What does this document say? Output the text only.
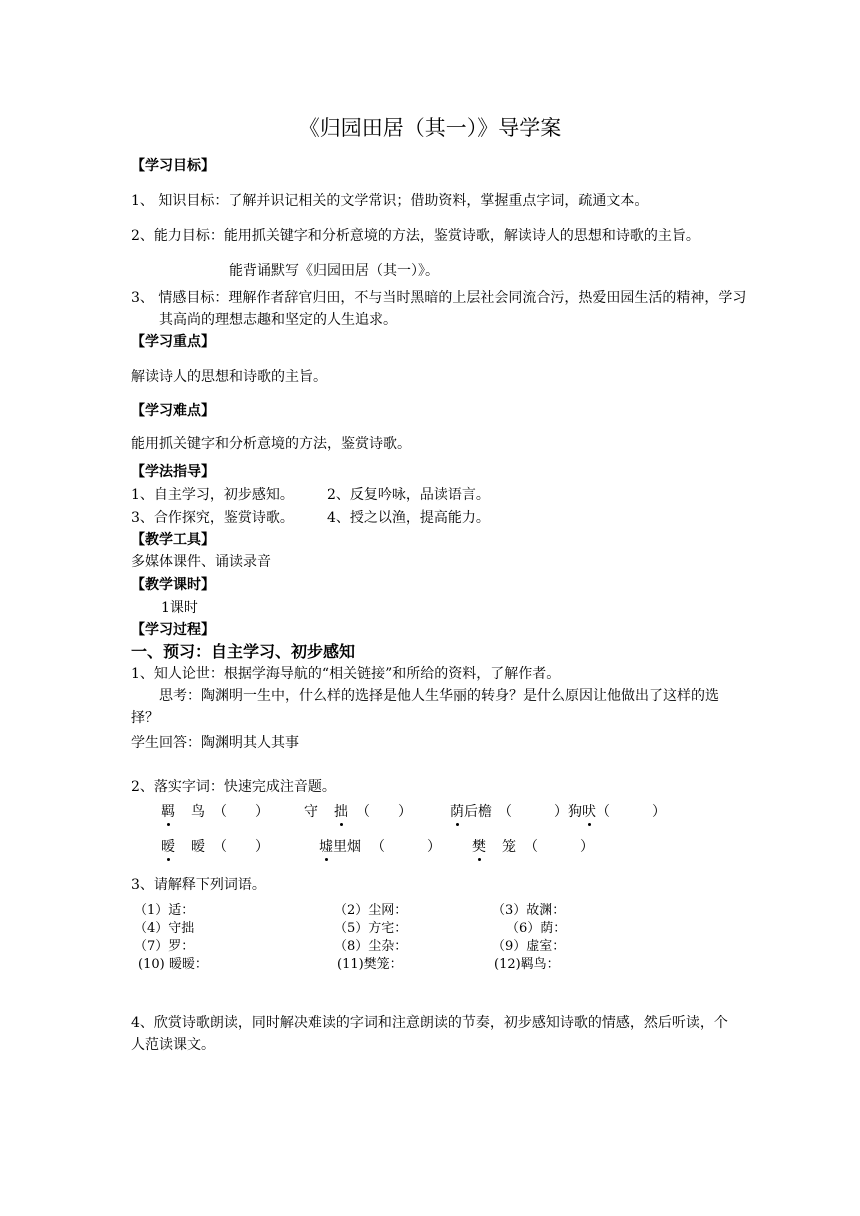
《归园田居（其一）》导学案
【学习目标】
1、 知识目标：了解并识记相关的文学常识；借助资料，掌握重点字词，疏通文本。
2、能力目标：能用抓关键字和分析意境的方法，鉴赏诗歌，解读诗人的思想和诗歌的主旨。
能背诵默写《归园田居（其一）》。
3、 情感目标：理解作者辞官归田，不与当时黑暗的上层社会同流合污，热爱田园生活的精神，学习其高尚的理想志趣和坚定的人生追求。
【学习重点】
解读诗人的思想和诗歌的主旨。
【学习难点】
能用抓关键字和分析意境的方法，鉴赏诗歌。
【学法指导】
1、自主学习，初步感知。 2、反复吟咏，品读语言。
3、合作探究，鉴赏诗歌。 4、授之以渔，提高能力。
【教学工具】
多媒体课件、诵读录音
【教学课时】
1课时
【学习过程】
一、预习：自主学习、初步感知
1、知人论世：根据学海导航的“相关链接”和所给的资料，了解作者。
思考：陶渊明一生中，什么样的选择是他人生华丽的转身？是什么原因让他做出了这样的选择？
学生回答：陶渊明其人其事
2、落实字词：快速完成注音题。
羁 鸟 （　　）	守 拙 （　　）	荫后檐 （　　　） 狗吠（　　　）
暧 暧 （　　）	墟里烟 （　　　） 樊 笼 （　　　）
3、请解释下列词语。
（1）适：	（2）尘网：	（3）故渊：
（4）守拙	（5）方宅：	（6）荫：
（7）罗：	（8）尘杂：	（9）虚室：
(10) 暧暧：	(11)樊笼：	(12)羁鸟：
4、欣赏诗歌朗读，同时解决难读的字词和注意朗读的节奏，初步感知诗歌的情感，然后听读，个人范读课文。
